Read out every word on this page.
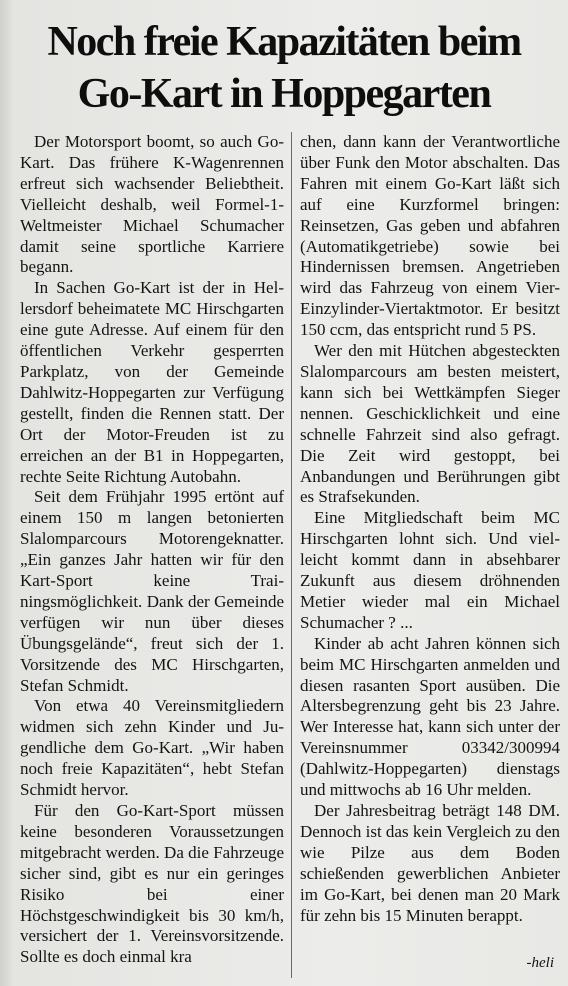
Noch freie Kapazitäten beim
Go-Kart in Hoppegarten

Der Motorsport boomt, so auch Go-Kart. Das frühere K-Wagenrennen erfreut sich wachsender Beliebtheit. Vielleicht deshalb, weil Formel-1-Weltmeister Michael Schumacher damit seine sportliche Karriere begann.

In Sachen Go-Kart ist der in Hellersdorf beheimatete MC Hirschgarten eine gute Adresse. Auf einem für den öffentlichen Verkehr gesperrten Parkplatz, von der Gemeinde Dahlwitz-Hoppegarten zur Verfügung gestellt, finden die Rennen statt. Der Ort der Motor-Freuden ist zu erreichen an der B1 in Hoppegarten, rechte Seite Richtung Autobahn.

Seit dem Frühjahr 1995 ertönt auf einem 150 m langen betonierten Slalomparcours Motorengeknatter. „Ein ganzes Jahr hatten wir für den Kart-Sport keine Trainingsmöglichkeit. Dank der Gemeinde verfügen wir nun über dieses Übungsgelände“, freut sich der 1. Vorsitzende des MC Hirschgarten, Stefan Schmidt.

Von etwa 40 Vereinsmitgliedern widmen sich zehn Kinder und Jugendliche dem Go-Kart. „Wir haben noch freie Kapazitäten“, hebt Stefan Schmidt hervor.

Für den Go-Kart-Sport müssen keine besonderen Voraussetzungen mitgebracht werden. Da die Fahrzeuge sicher sind, gibt es nur ein geringes Risiko bei einer Höchstgeschwindigkeit bis 30 km/h, versichert der 1. Vereinsvorsitzende. Sollte es doch einmal kra

chen, dann kann der Verantwortliche über Funk den Motor abschalten. Das Fahren mit einem Go-Kart läßt sich auf eine Kurzformel bringen: Reinsetzen, Gas geben und abfahren (Automatikgetriebe) sowie bei Hindernissen bremsen. Angetrieben wird das Fahrzeug von einem Vier-Einzylinder-Viertaktmotor. Er besitzt 150 ccm, das entspricht rund 5 PS.

Wer den mit Hütchen abgesteckten Slalomparcours am besten meistert, kann sich bei Wettkämpfen Sieger nennen. Geschicklichkeit und eine schnelle Fahrzeit sind also gefragt. Die Zeit wird gestoppt, bei Anbandungen und Berührungen gibt es Strafsekunden.

Eine Mitgliedschaft beim MC Hirschgarten lohnt sich. Und vielleicht kommt dann in absehbarer Zukunft aus diesem dröhnenden Metier wieder mal ein Michael Schumacher ? ...

Kinder ab acht Jahren können sich beim MC Hirschgarten anmelden und diesen rasanten Sport ausüben. Die Altersbegrenzung geht bis 23 Jahre. Wer Interesse hat, kann sich unter der Vereinsnummer 03342/300994 (Dahlwitz-Hoppegarten) dienstags und mittwochs ab 16 Uhr melden.

Der Jahresbeitrag beträgt 148 DM. Dennoch ist das kein Vergleich zu den wie Pilze aus dem Boden schießenden gewerblichen Anbieter im Go-Kart, bei denen man 20 Mark für zehn bis 15 Minuten berappt.

-heli
